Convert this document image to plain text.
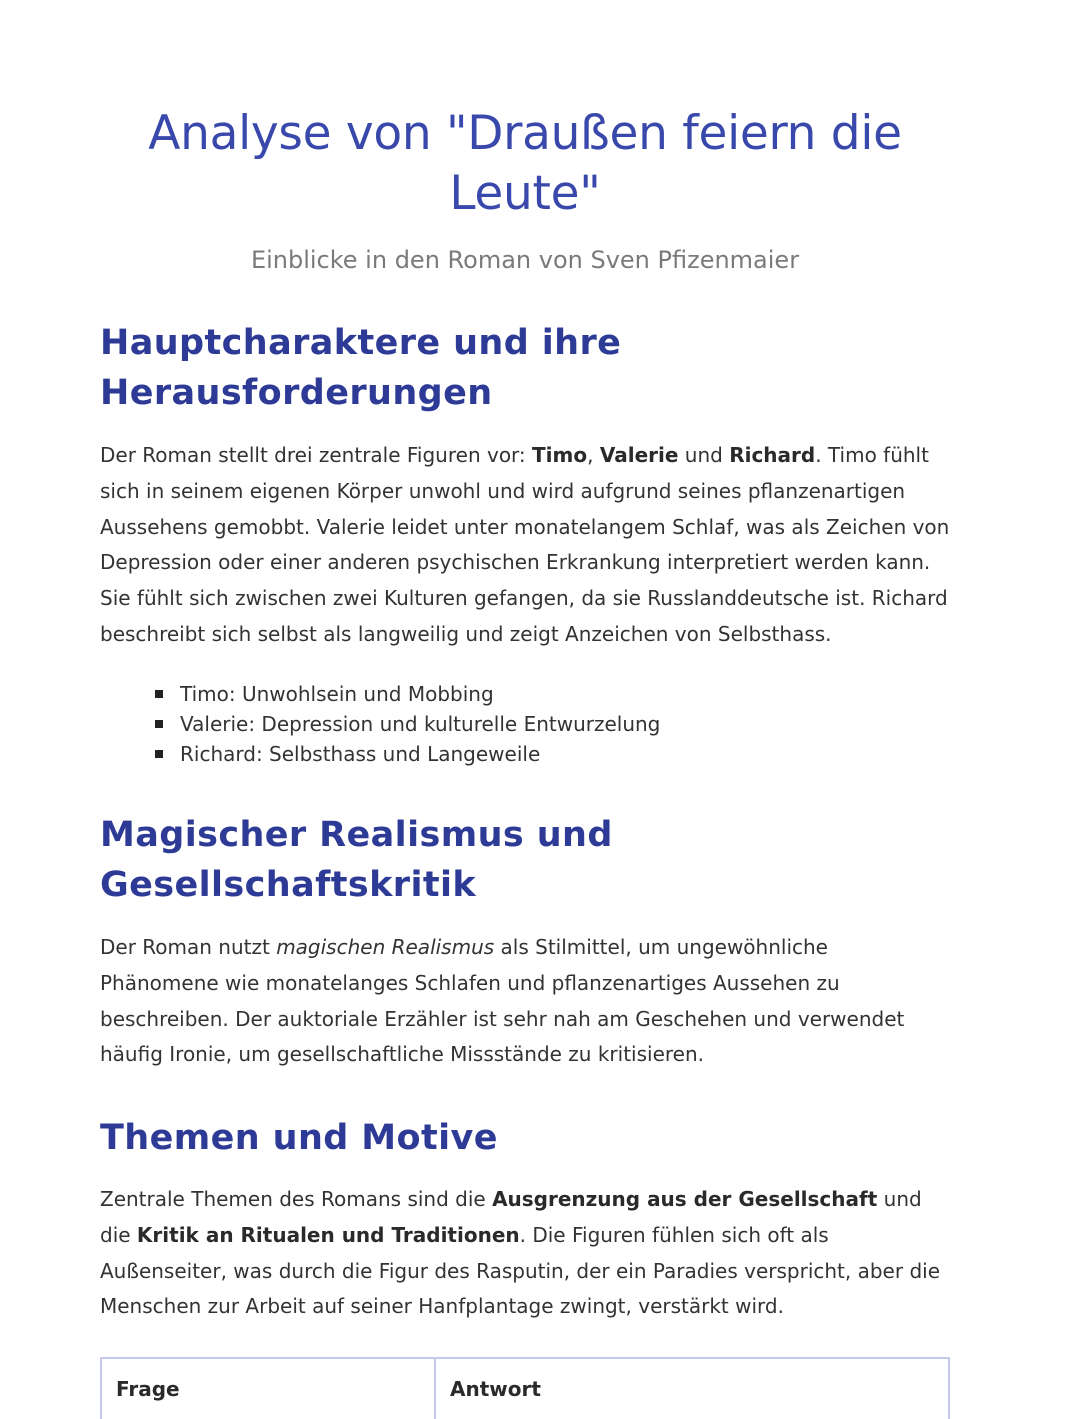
Analyse von "Draußen feiern die Leute"
Einblicke in den Roman von Sven Pfizenmaier
Hauptcharaktere und ihre Herausforderungen

Der Roman stellt drei zentrale Figuren vor: Timo, Valerie und Richard. Timo fühlt sich in seinem eigenen Körper unwohl und wird aufgrund seines pflanzenartigen Aussehens gemobbt. Valerie leidet unter monatelangem Schlaf, was als Zeichen von Depression oder einer anderen psychischen Erkrankung interpretiert werden kann. Sie fühlt sich zwischen zwei Kulturen gefangen, da sie Russlanddeutsche ist. Richard beschreibt sich selbst als langweilig und zeigt Anzeichen von Selbsthass.

Timo: Unwohlsein und Mobbing
Valerie: Depression und kulturelle Entwurzelung
Richard: Selbsthass und Langeweile
Magischer Realismus und Gesellschaftskritik

Der Roman nutzt magischen Realismus als Stilmittel, um ungewöhnliche Phänomene wie monatelanges Schlafen und pflanzenartiges Aussehen zu beschreiben. Der auktoriale Erzähler ist sehr nah am Geschehen und verwendet häufig Ironie, um gesellschaftliche Missstände zu kritisieren.

Themen und Motive

Zentrale Themen des Romans sind die Ausgrenzung aus der Gesellschaft und die Kritik an Ritualen und Traditionen. Die Figuren fühlen sich oft als Außenseiter, was durch die Figur des Rasputin, der ein Paradies verspricht, aber die Menschen zur Arbeit auf seiner Hanfplantage zwingt, verstärkt wird.

Frage	Antwort
